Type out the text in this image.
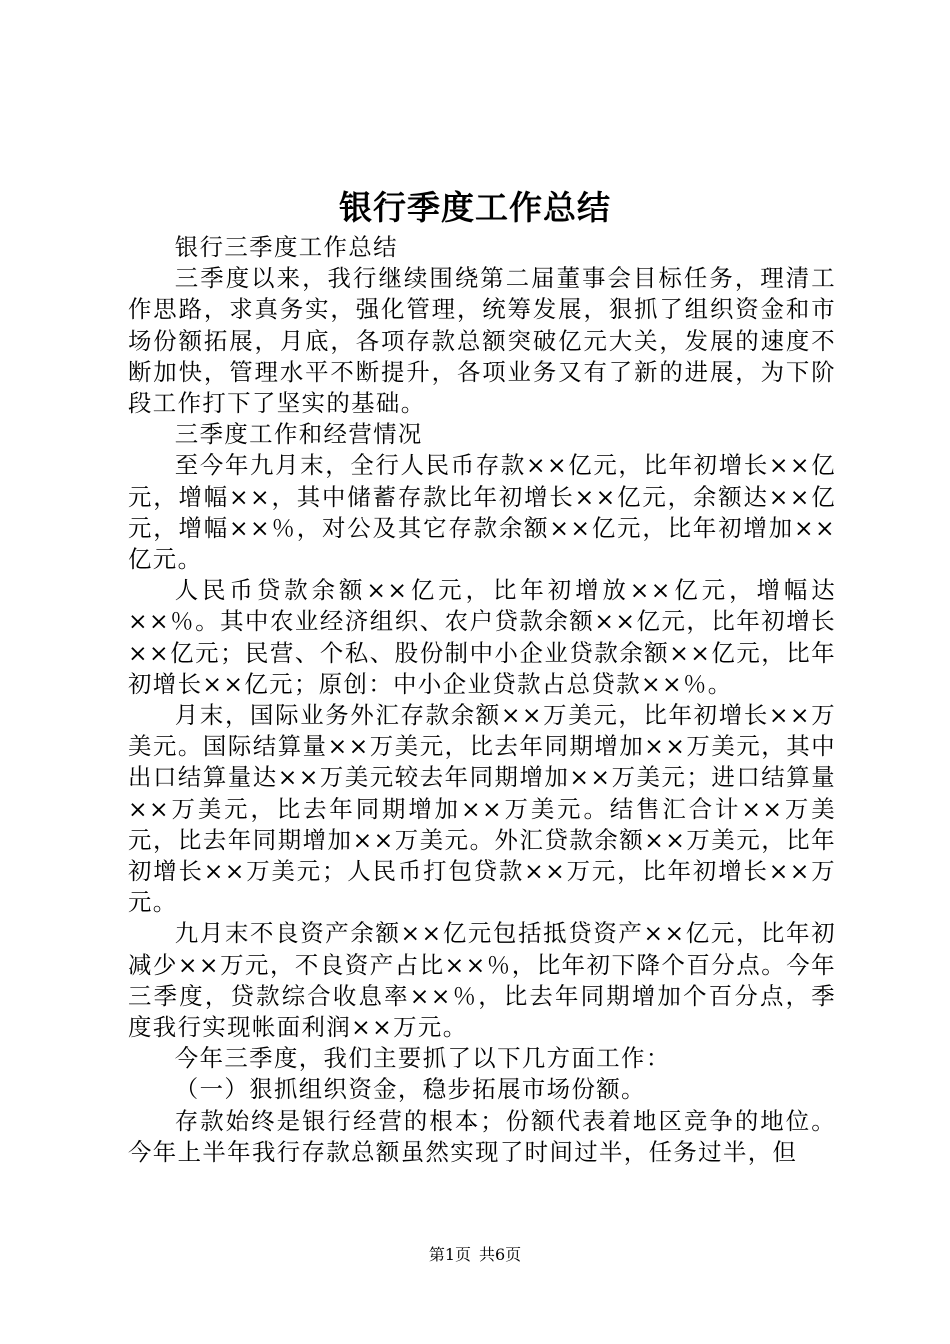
银行季度工作总结

银行三季度工作总结

三季度以来，我行继续围绕第二届董事会目标任务，理清工作思路，求真务实，强化管理，统筹发展，狠抓了组织资金和市场份额拓展，月底，各项存款总额突破亿元大关，发展的速度不断加快，管理水平不断提升，各项业务又有了新的进展，为下阶段工作打下了坚实的基础。

三季度工作和经营情况

至今年九月末，全行人民币存款××亿元，比年初增长××亿元，增幅××，其中储蓄存款比年初增长××亿元，余额达××亿元，增幅××％，对公及其它存款余额××亿元，比年初增加××亿元。

人民币贷款余额××亿元，比年初增放××亿元，增幅达××％。其中农业经济组织、农户贷款余额××亿元，比年初增长××亿元；民营、个私、股份制中小企业贷款余额××亿元，比年初增长××亿元；原创：中小企业贷款占总贷款××％。

月末，国际业务外汇存款余额××万美元，比年初增长××万美元。国际结算量××万美元，比去年同期增加××万美元，其中出口结算量达××万美元较去年同期增加××万美元；进口结算量××万美元，比去年同期增加××万美元。结售汇合计××万美元，比去年同期增加××万美元。外汇贷款余额××万美元，比年初增长××万美元；人民币打包贷款××万元，比年初增长××万元。

九月末不良资产余额××亿元包括抵贷资产××亿元，比年初减少××万元，不良资产占比××％，比年初下降个百分点。今年三季度，贷款综合收息率××％，比去年同期增加个百分点，季度我行实现帐面利润××万元。

今年三季度，我们主要抓了以下几方面工作：

（一）狠抓组织资金，稳步拓展市场份额。

存款始终是银行经营的根本；份额代表着地区竞争的地位。今年上半年我行存款总额虽然实现了时间过半，任务过半，但

第1页 共6页
